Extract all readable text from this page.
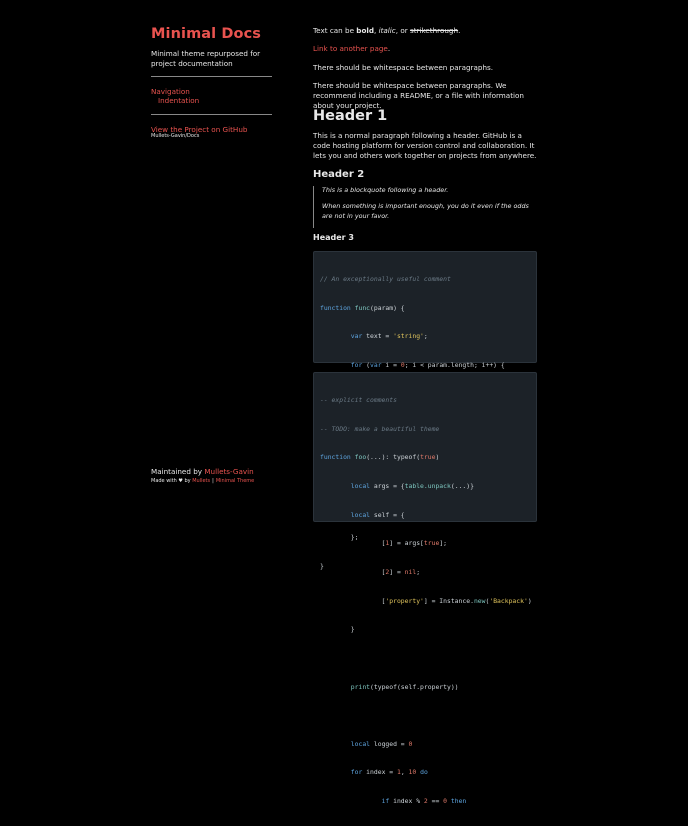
Minimal Docs
Minimal theme repurposed for project documentation
Navigation
Indentation
View the Project on GitHub
Mullets-Gavin/Docs
Maintained by Mullets-Gavin
Made with ♥ by Mullets | Minimal Theme

Text can be bold, italic, or strikethrough.

Link to another page.

There should be whitespace between paragraphs.

There should be whitespace between paragraphs. We recommend including a README, or a file with information about your project.

Header 1

This is a normal paragraph following a header. GitHub is a code hosting platform for version control and collaboration. It lets you and others work together on projects from anywhere.

Header 2

This is a blockquote following a header.

When something is important enough, you do it even if the odds are not in your favor.

Header 3

// An exceptionally useful comment

function func(param) {

var text = 'string';

for (var i = 0; i < param.length; i++) {

};

}

-- explicit comments

-- TODO: make a beautiful theme

function foo(...): typeof(true)

local args = {table.unpack(...)}

local self = {

[1] = args[true];

[2] = nil;

['property'] = Instance.new('Backpack')

}

print(typeof(self.property))

local logged = 0

for index = 1, 10 do

if index % 2 == 0 then
